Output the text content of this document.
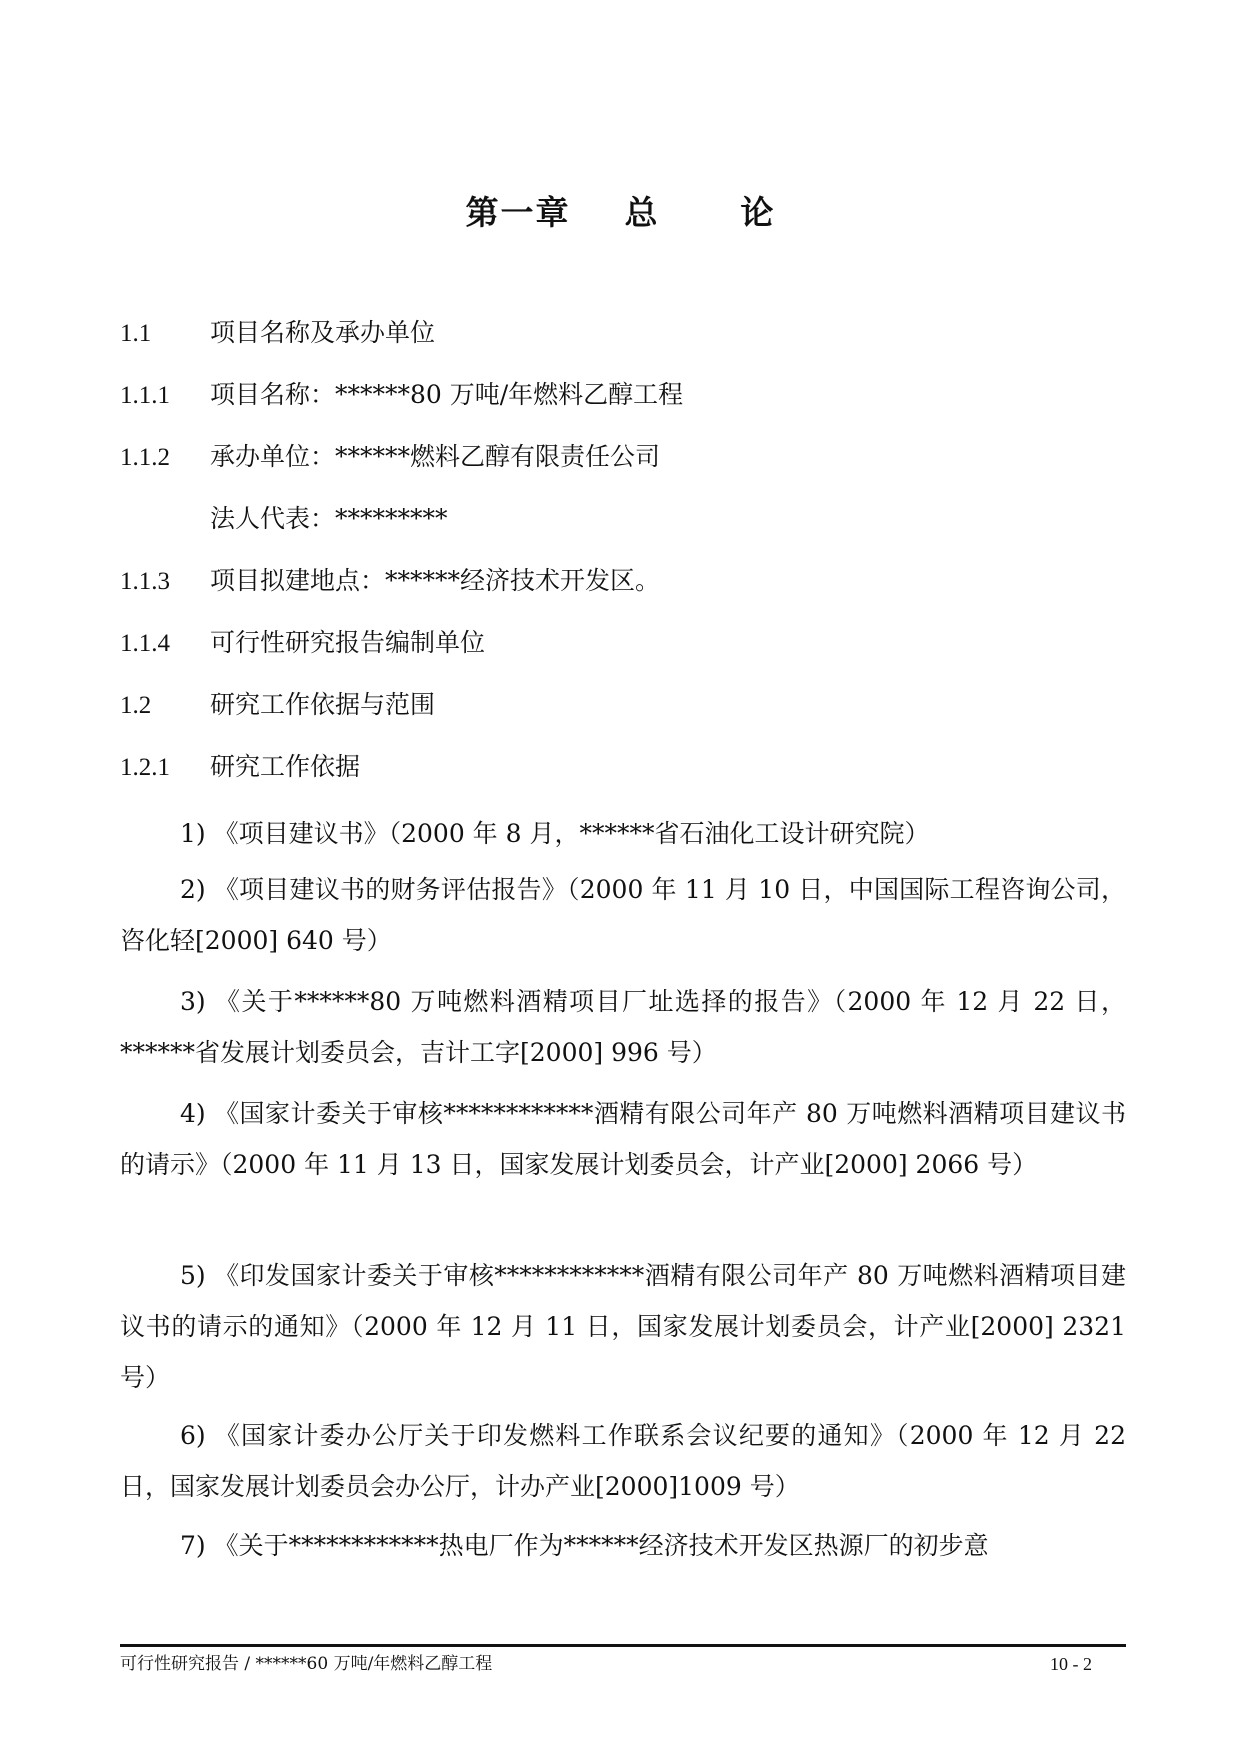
第一章    总      论
1.1 项目名称及承办单位
1.1.1 项目名称：******80 万吨/年燃料乙醇工程
1.1.2 承办单位：******燃料乙醇有限责任公司
法人代表：*********
1.1.3 项目拟建地点：******经济技术开发区。
1.1.4 可行性研究报告编制单位
1.2 研究工作依据与范围
1.2.1 研究工作依据

1) 《项目建议书》（2000 年 8 月，******省石油化工设计研究院）

2) 《项目建议书的财务评估报告》（2000 年 11 月 10 日，中国国际工程咨询公司，咨化轻[2000] 640 号）

3) 《关于******80 万吨燃料酒精项目厂址选择的报告》（2000 年 12 月 22 日，******省发展计划委员会，吉计工字[2000] 996 号）

4) 《国家计委关于审核************酒精有限公司年产 80 万吨燃料酒精项目建议书的请示》（2000 年 11 月 13 日，国家发展计划委员会，计产业[2000] 2066 号）

5) 《印发国家计委关于审核************酒精有限公司年产 80 万吨燃料酒精项目建议书的请示的通知》（2000 年 12 月 11 日，国家发展计划委员会，计产业[2000] 2321 号）

6) 《国家计委办公厅关于印发燃料工作联系会议纪要的通知》（2000 年 12 月 22 日，国家发展计划委员会办公厅，计办产业[2000]1009 号）

7) 《关于************热电厂作为******经济技术开发区热源厂的初步意

可行性研究报告 / ******60 万吨/年燃料乙醇工程	10 - 2
